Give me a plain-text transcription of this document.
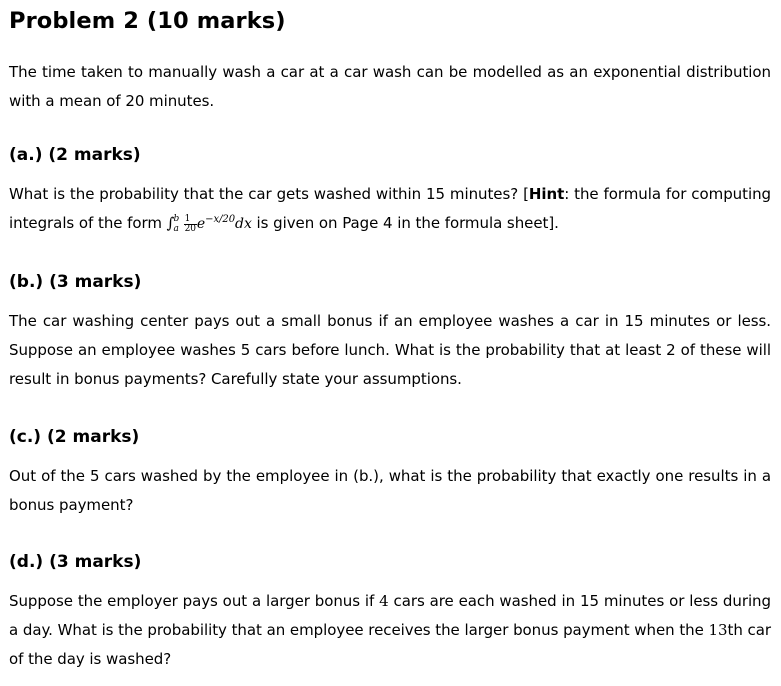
Problem 2 (10 marks)

The time taken to manually wash a car at a car wash can be modelled as an exponential distribution with a mean of 20 minutes.

(a.) (2 marks)

What is the probability that the car gets washed within 15 minutes? [Hint: the formula for computing integrals of the form ∫ b
a
$\frac{1}{20} e^{-x/20}dx$ is given on Page 4 in the formula sheet].

(b.) (3 marks)

The car washing center pays out a small bonus if an employee washes a car in 15 minutes or less. Suppose an employee washes 5 cars before lunch. What is the probability that at least 2 of these will result in bonus payments? Carefully state your assumptions.

(c.) (2 marks)

Out of the 5 cars washed by the employee in (b.), what is the probability that exactly one results in a bonus payment?

(d.) (3 marks)

Suppose the employer pays out a larger bonus if 4 cars are each washed in 15 minutes or less during a day. What is the probability that an employee receives the larger bonus payment when the 13th car of the day is washed?
